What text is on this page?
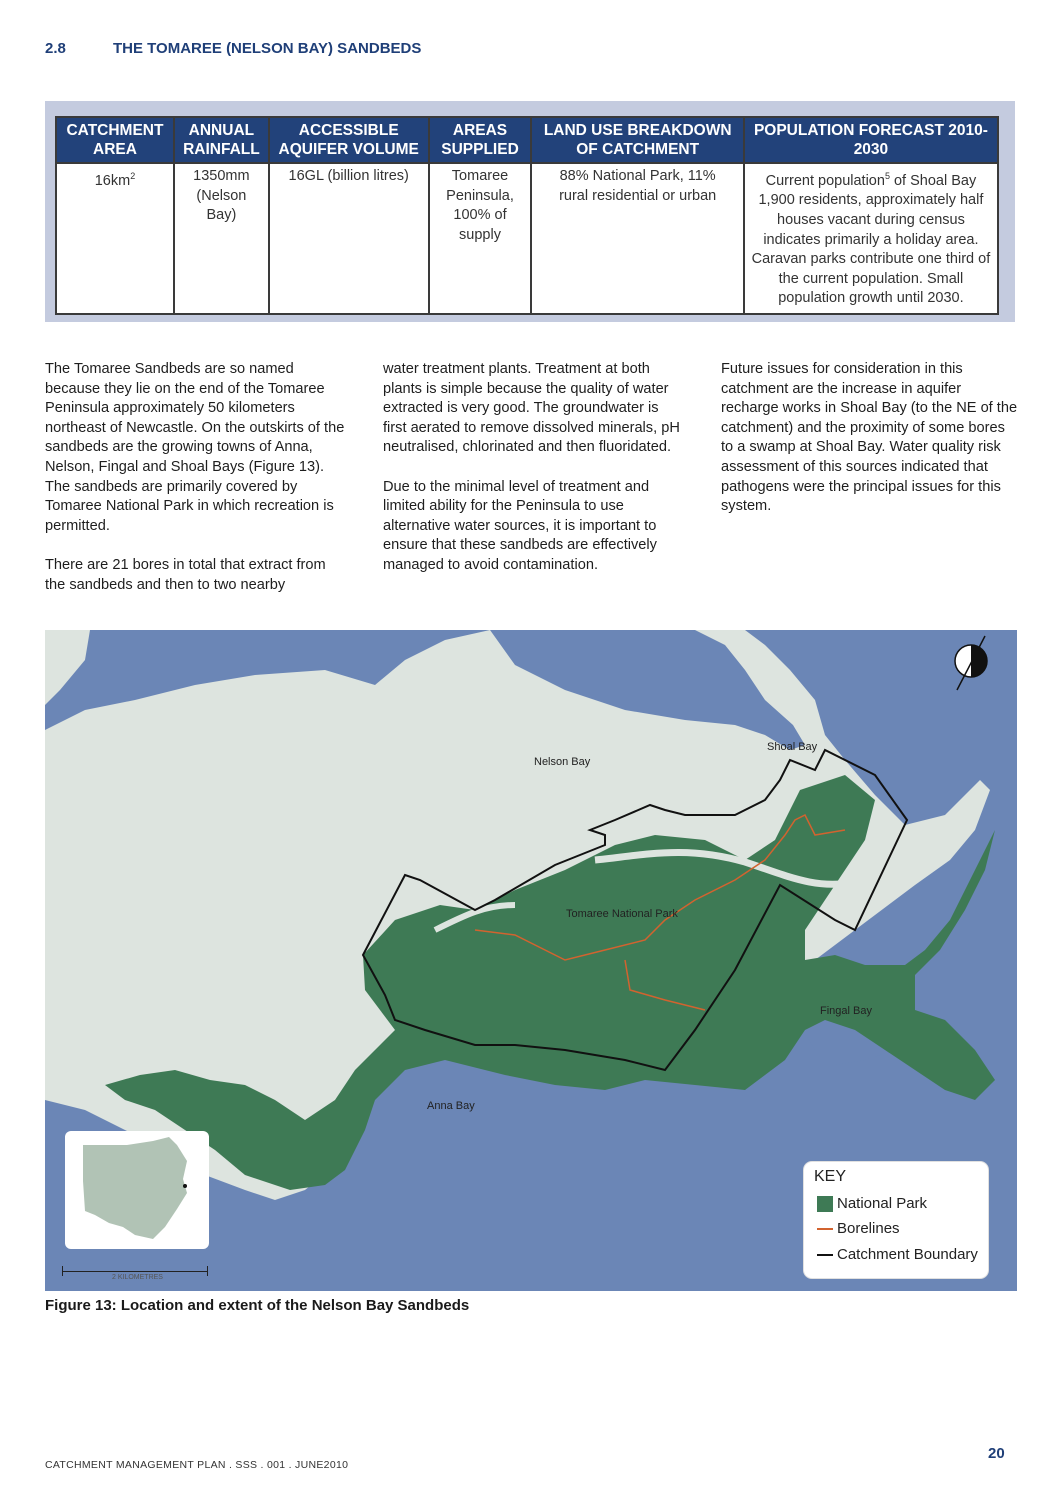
2.8	THE TOMAREE (NELSON BAY) SANDBEDS
CATCHMENT AREA	ANNUAL RAINFALL	ACCESSIBLE AQUIFER VOLUME	AREAS SUPPLIED	LAND USE BREAKDOWN OF CATCHMENT	POPULATION FORECAST 2010-2030
$16km^2$	1350mm (Nelson Bay)	16GL (billion litres)	Tomaree Peninsula, 100% of supply	88% National Park, 11% rural residential or urban	Current population$^5$ of Shoal Bay 1,900 residents, approximately half houses vacant during census indicates primarily a holiday area. Caravan parks contribute one third of the current population. Small population growth until 2030.

The Tomaree Sandbeds are so named because they lie on the end of the Tomaree Peninsula approximately 50 kilometers northeast of Newcastle. On the outskirts of the sandbeds are the growing towns of Anna, Nelson, Fingal and Shoal Bays (Figure 13). The sandbeds are primarily covered by Tomaree National Park in which recreation is permitted.

There are 21 bores in total that extract from the sandbeds and then to two nearby

water treatment plants. Treatment at both plants is simple because the quality of water extracted is very good. The groundwater is first aerated to remove dissolved minerals, pH neutralised, chlorinated and then fluoridated.

Due to the minimal level of treatment and limited ability for the Peninsula to use alternative water sources, it is important to ensure that these sandbeds are effectively managed to avoid contamination.

Future issues for consideration in this catchment are the increase in aquifer recharge works in Shoal Bay (to the NE of the catchment) and the proximity of some bores to a swamp at Shoal Bay. Water quality risk assessment of this sources indicated that pathogens were the principal issues for this system.

Nelson Bay
Shoal Bay
Tomaree National Park
Fingal Bay
Anna Bay
2 KILOMETRES
KEY
National Park
Borelines
Catchment Boundary
Figure 13: Location and extent of the Nelson Bay Sandbeds
CATCHMENT MANAGEMENT PLAN . SSS . 001 . JUNE2010
20
